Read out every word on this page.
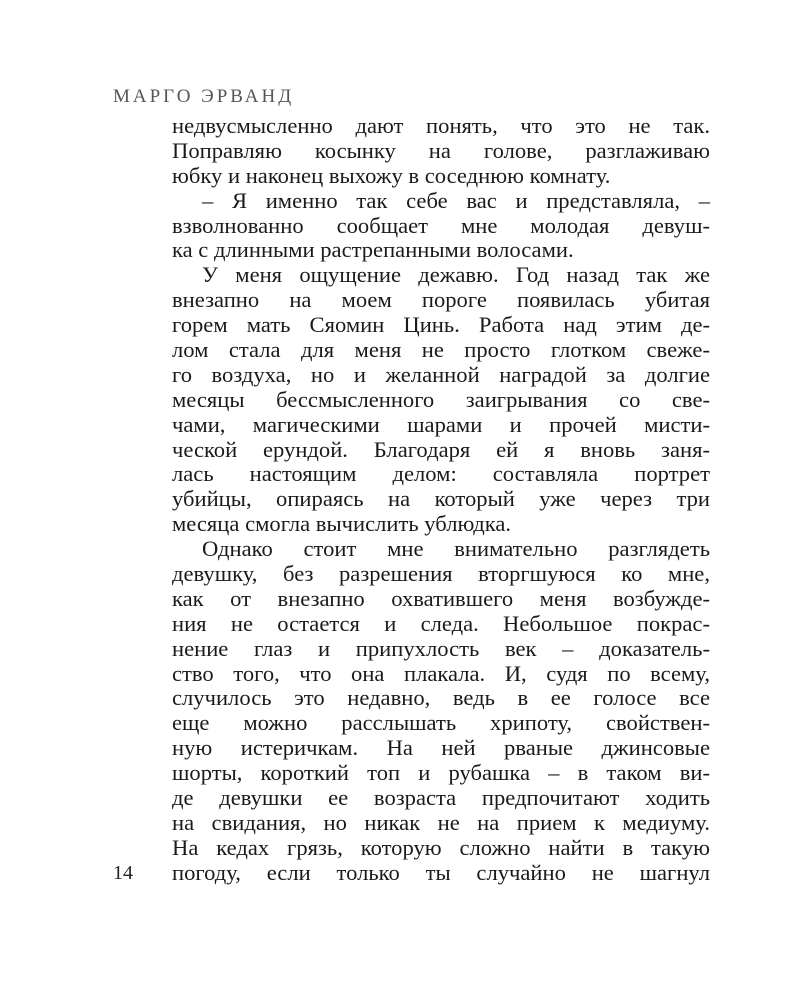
МАРГО ЭРВАНД
недвусмысленно дают понять, что это не так.
Поправляю косынку на голове, разглаживаю
юбку и наконец выхожу в соседнюю комнату.
– Я именно так себе вас и представляла, –
взволнованно сообщает мне молодая девуш-
ка с длинными растрепанными волосами.
У меня ощущение дежавю. Год назад так же
внезапно на моем пороге появилась убитая
горем мать Сяомин Цинь. Работа над этим де-
лом стала для меня не просто глотком свеже-
го воздуха, но и желанной наградой за долгие
месяцы бессмысленного заигрывания со све-
чами, магическими шарами и прочей мисти-
ческой ерундой. Благодаря ей я вновь заня-
лась настоящим делом: составляла портрет
убийцы, опираясь на который уже через три
месяца смогла вычислить ублюдка.
Однако стоит мне внимательно разглядеть
девушку, без разрешения вторгшуюся ко мне,
как от внезапно охватившего меня возбужде-
ния не остается и следа. Небольшое покрас-
нение глаз и припухлость век – доказатель-
ство того, что она плакала. И, судя по всему,
случилось это недавно, ведь в ее голосе все
еще можно расслышать хрипоту, свойствен-
ную истеричкам. На ней рваные джинсовые
шорты, короткий топ и рубашка – в таком ви-
де девушки ее возраста предпочитают ходить
на свидания, но никак не на прием к медиуму.
На кедах грязь, которую сложно найти в такую
погоду, если только ты случайно не шагнул
14
